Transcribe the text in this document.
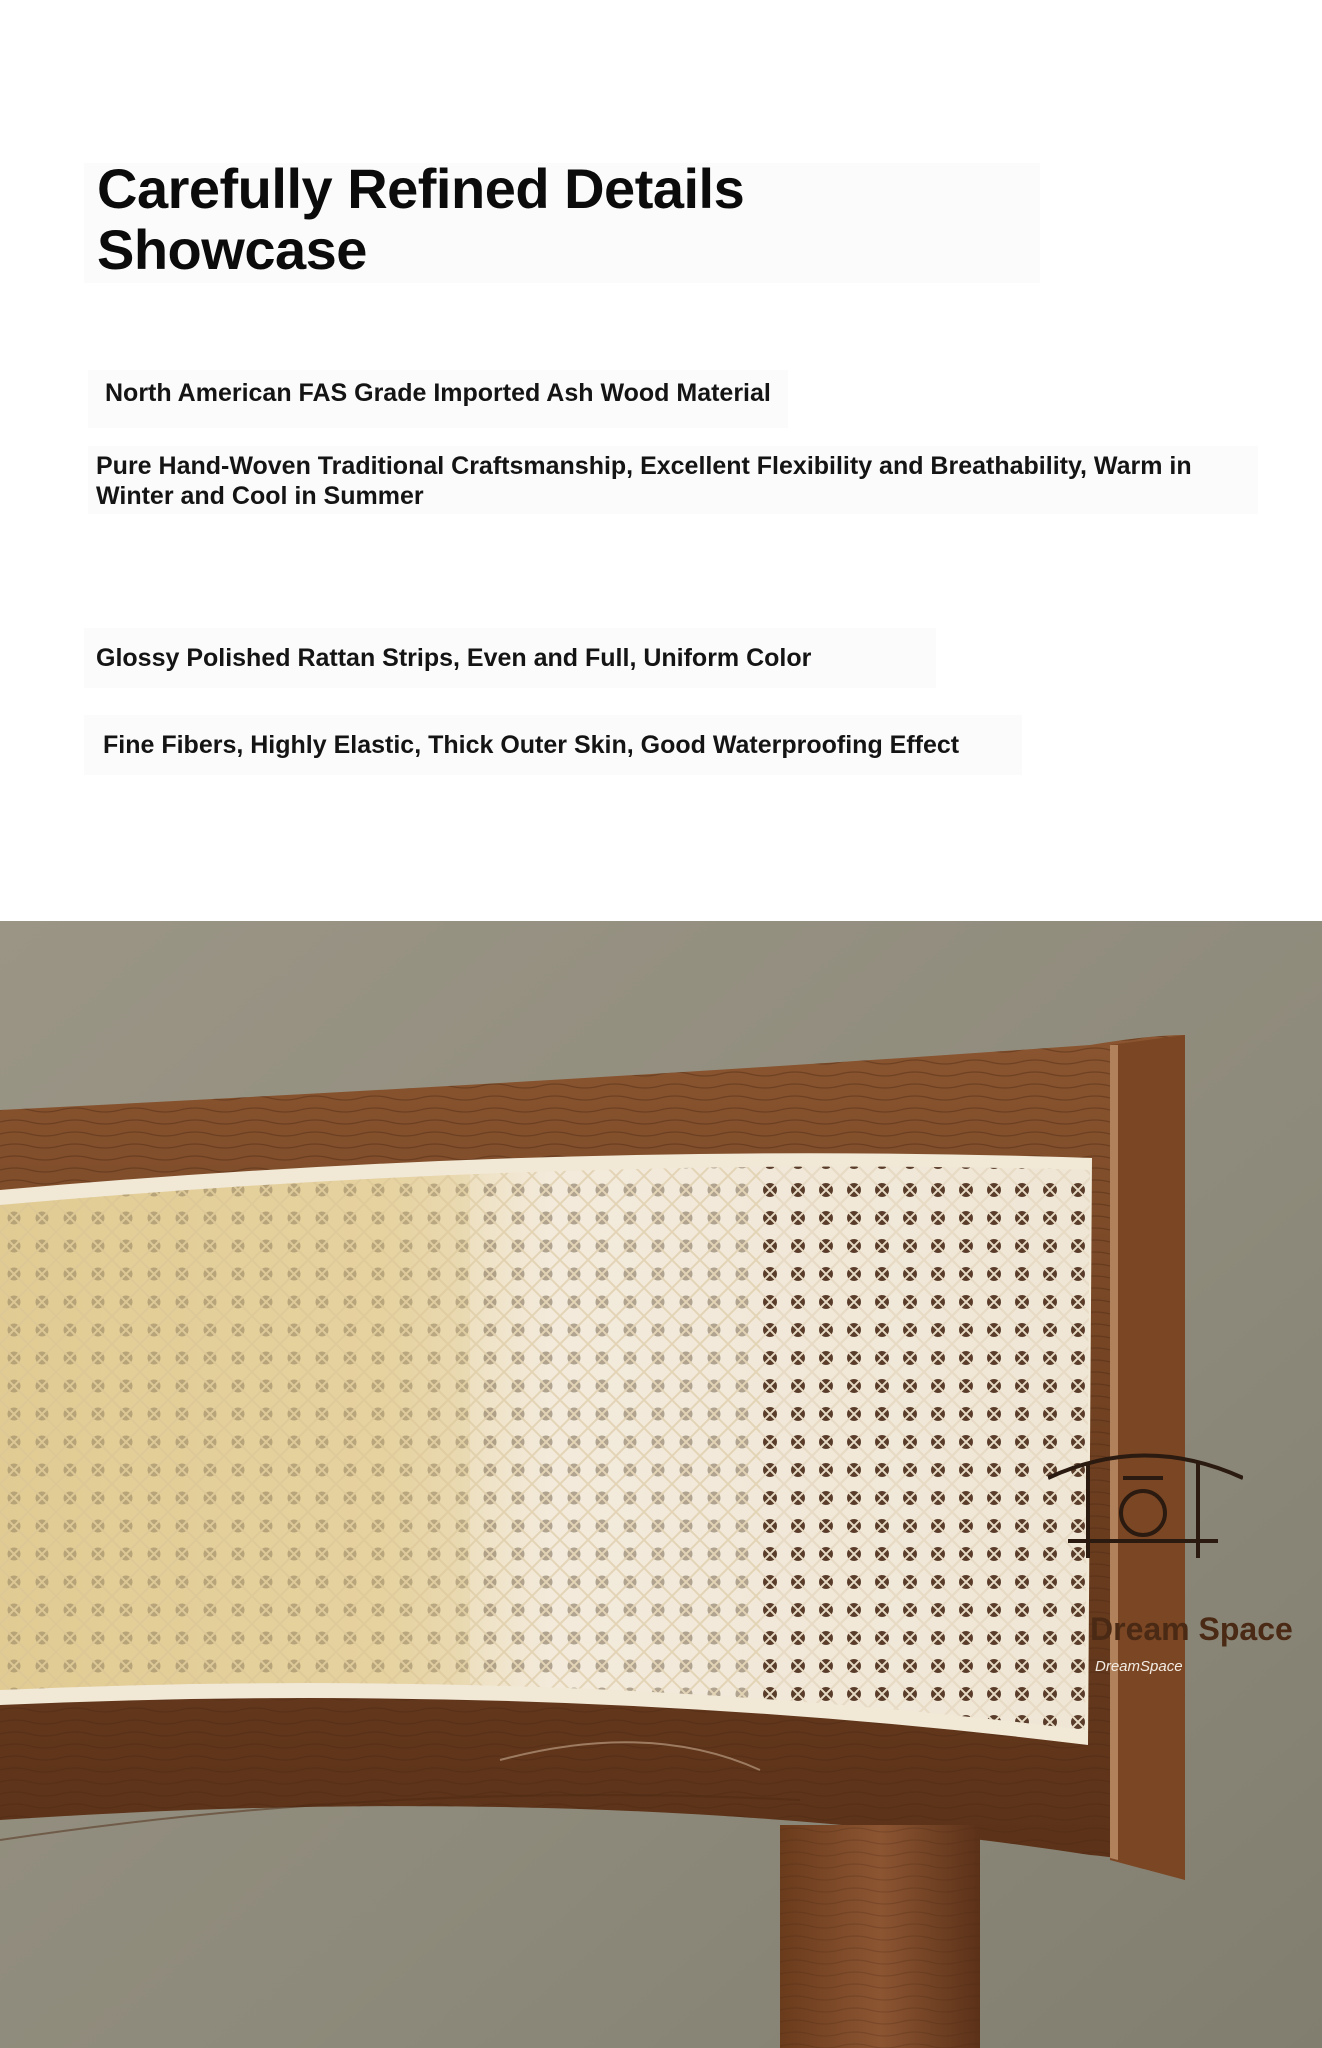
Carefully Refined Details
Showcase

North American FAS Grade Imported Ash Wood Material

Pure Hand-Woven Traditional Craftsmanship, Excellent Flexibility and Breathability, Warm in Winter and Cool in Summer

Glossy Polished Rattan Strips, Even and Full, Uniform Color

Fine Fibers, Highly Elastic, Thick Outer Skin, Good Waterproofing Effect

Dream Space
DreamSpace
